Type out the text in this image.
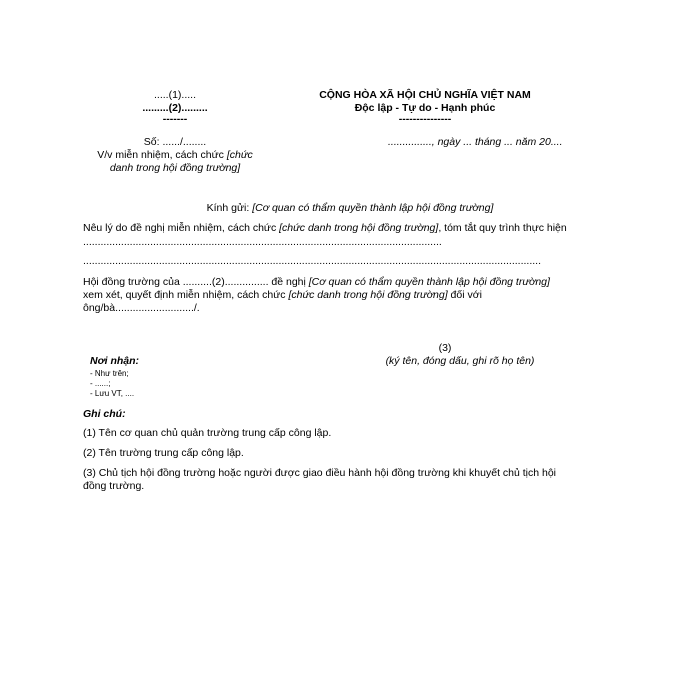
.....(1).....
.........(2).........
-------
Số: ....../........
V/v miễn nhiệm, cách chức [chức
danh trong hội đồng trường]
CỘNG HÒA XÃ HỘI CHỦ NGHĨA VIỆT NAM
Độc lập - Tự do - Hạnh phúc
---------------
..............., ngày ... tháng ... năm 20....
Kính gửi: [Cơ quan có thẩm quyền thành lập hội đồng trường]
Nêu lý do đề nghị miễn nhiệm, cách chức [chức danh trong hội đồng trường], tóm tắt quy trình thực hiện
...........................................................................................................................
.............................................................................................................................................................
Hội đồng trường của ..........(2)............... đề nghị [Cơ quan có thẩm quyền thành lập hội đồng trường]
xem xét, quyết định miễn nhiệm, cách chức [chức danh trong hội đồng trường] đối với
ông/bà.........................../.
(3)
(ký tên, đóng dấu, ghi rõ họ tên)
Nơi nhận:
- Như trên;
- ......;
- Lưu VT, ....
Ghi chú:
(1) Tên cơ quan chủ quản trường trung cấp công lập.
(2) Tên trường trung cấp công lập.
(3) Chủ tịch hội đồng trường hoặc người được giao điều hành hội đồng trường khi khuyết chủ tịch hội
đồng trường.
